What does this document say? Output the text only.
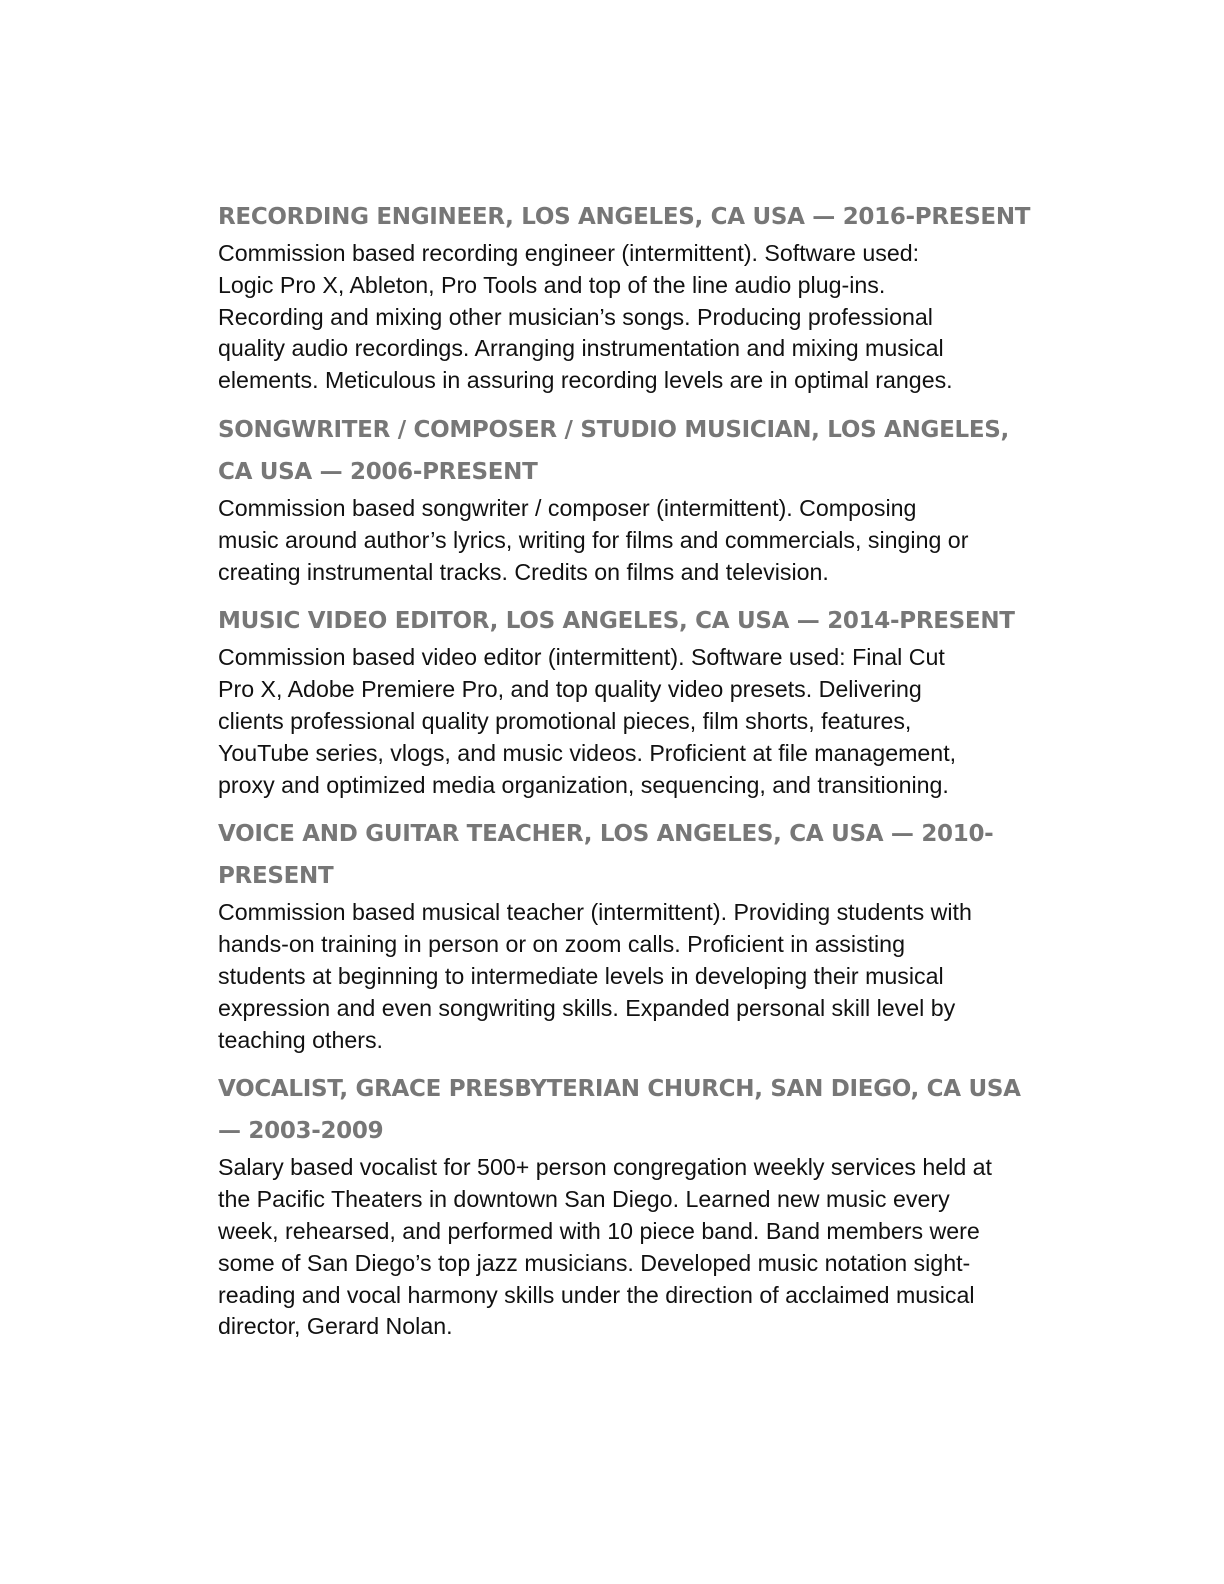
RECORDING ENGINEER, LOS ANGELES, CA USA — 2016-PRESENT

Commission based recording engineer (intermittent). Software used:
Logic Pro X, Ableton, Pro Tools and top of the line audio plug-ins.
Recording and mixing other musician’s songs. Producing professional
quality audio recordings. Arranging instrumentation and mixing musical
elements. Meticulous in assuring recording levels are in optimal ranges.

SONGWRITER / COMPOSER / STUDIO MUSICIAN, LOS ANGELES,
CA USA — 2006-PRESENT

Commission based songwriter / composer (intermittent). Composing
music around author’s lyrics, writing for films and commercials, singing or
creating instrumental tracks. Credits on films and television.

MUSIC VIDEO EDITOR, LOS ANGELES, CA USA — 2014-PRESENT

Commission based video editor (intermittent). Software used: Final Cut
Pro X, Adobe Premiere Pro, and top quality video presets. Delivering
clients professional quality promotional pieces, film shorts, features,
YouTube series, vlogs, and music videos. Proficient at file management,
proxy and optimized media organization, sequencing, and transitioning.

VOICE AND GUITAR TEACHER, LOS ANGELES, CA USA — 2010-
PRESENT

Commission based musical teacher (intermittent). Providing students with
hands-on training in person or on zoom calls. Proficient in assisting
students at beginning to intermediate levels in developing their musical
expression and even songwriting skills. Expanded personal skill level by
teaching others.

VOCALIST, GRACE PRESBYTERIAN CHURCH, SAN DIEGO, CA USA
— 2003-2009

Salary based vocalist for 500+ person congregation weekly services held at
the Pacific Theaters in downtown San Diego. Learned new music every
week, rehearsed, and performed with 10 piece band. Band members were
some of San Diego’s top jazz musicians. Developed music notation sight-
reading and vocal harmony skills under the direction of acclaimed musical
director, Gerard Nolan.
